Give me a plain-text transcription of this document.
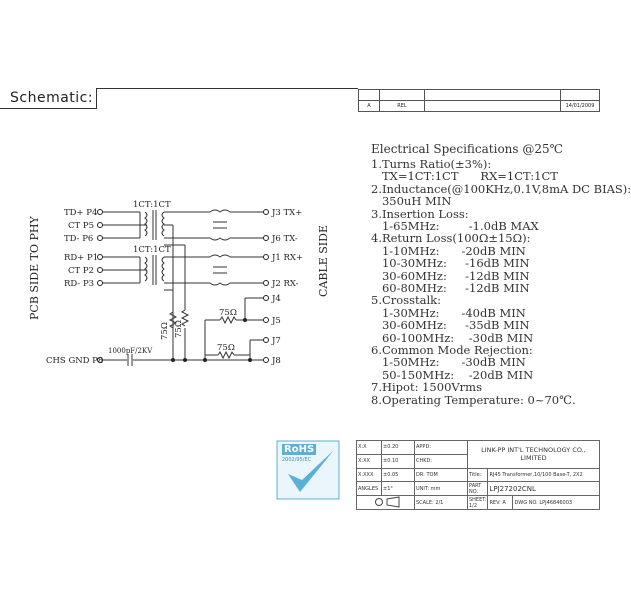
Schematic:
				A	REL		14/01/2009
TD+ P4
CT P5
TD- P6
RD+ P1
CT P2
RD- P3
CHS GND P8
J3 TX+
J6 TX-
J1 RX+
J2 RX-
J4
J5
J7
J8
1CT:1CT
1CT:1CT
75Ω
75Ω
1000pF/2KV
75Ω 75Ω
PCB SIDE TO PHY	CABLE SIDE
Electrical Specifications @25℃
1.Turns Ratio(±3%):
TX=1CT:1CT      RX=1CT:1CT
2.Inductance(@100KHz,0.1V,8mA DC BIAS):
350uH MIN
3.Insertion Loss:
1-65MHz:        -1.0dB MAX
4.Return Loss(100Ω±15Ω):
1-10MHz:      -20dB MIN
10-30MHz:     -16dB MIN
30-60MHz:     -12dB MIN
60-80MHz:     -12dB MIN
5.Crosstalk:
1-30MHz:      -40dB MIN
30-60MHz:     -35dB MIN
60-100MHz:    -30dB MIN
6.Common Mode Rejection:
1-50MHz:      -30dB MIN
50-150MHz:    -20dB MIN
7.Hipot: 1500Vrms
8.Operating Temperature: 0~70℃.
RoHS
2002/95/EC
X:X	±0.20	APPD:	LINK-PP INT'L TECHNOLOGY CO., LIMITED		
X:XX	±0.10	CHKD:			
X:XXX	±0.05	DR: TOM	Title:	RJ45 Transformer,10/100 Base-T, 2X2	
ANGLES	±1°	UNIT: mm	PART NO.	LPJ27202CNL	
	SCALE: 2/1	SHEET: 1/2	REV: A	DWG NO. LPJ46846003
